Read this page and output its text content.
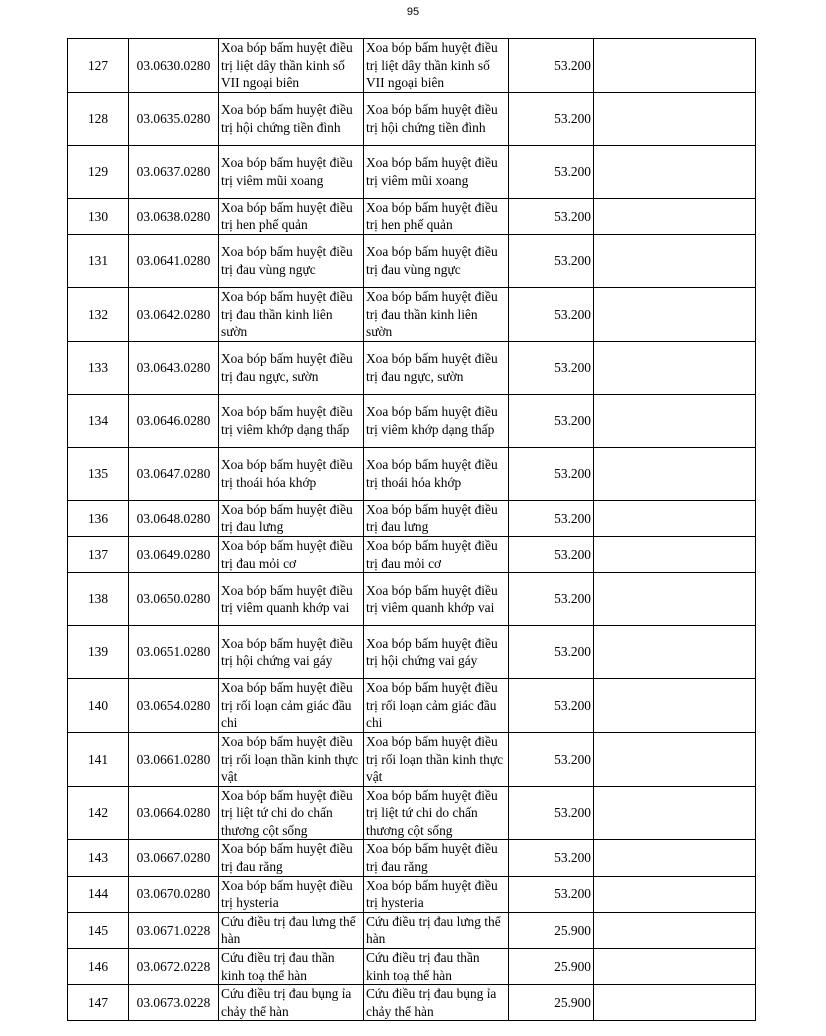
95
127	03.0630.0280	Xoa bóp bấm huyệt điều trị liệt dây thần kinh số VII ngoại biên	Xoa bóp bấm huyệt điều trị liệt dây thần kinh số VII ngoại biên	53.200	
128	03.0635.0280	Xoa bóp bấm huyệt điều trị hội chứng tiền đình	Xoa bóp bấm huyệt điều trị hội chứng tiền đình	53.200	
129	03.0637.0280	Xoa bóp bấm huyệt điều trị viêm mũi xoang	Xoa bóp bấm huyệt điều trị viêm mũi xoang	53.200	
130	03.0638.0280	Xoa bóp bấm huyệt điều trị hen phế quản	Xoa bóp bấm huyệt điều trị hen phế quản	53.200	
131	03.0641.0280	Xoa bóp bấm huyệt điều trị đau vùng ngực	Xoa bóp bấm huyệt điều trị đau vùng ngực	53.200	
132	03.0642.0280	Xoa bóp bấm huyệt điều trị đau thần kinh liên sườn	Xoa bóp bấm huyệt điều trị đau thần kinh liên sườn	53.200	
133	03.0643.0280	Xoa bóp bấm huyệt điều trị đau ngực, sườn	Xoa bóp bấm huyệt điều trị đau ngực, sườn	53.200	
134	03.0646.0280	Xoa bóp bấm huyệt điều trị viêm khớp dạng thấp	Xoa bóp bấm huyệt điều trị viêm khớp dạng thấp	53.200	
135	03.0647.0280	Xoa bóp bấm huyệt điều trị thoái hóa khớp	Xoa bóp bấm huyệt điều trị thoái hóa khớp	53.200	
136	03.0648.0280	Xoa bóp bấm huyệt điều trị đau lưng	Xoa bóp bấm huyệt điều trị đau lưng	53.200	
137	03.0649.0280	Xoa bóp bấm huyệt điều trị đau mỏi cơ	Xoa bóp bấm huyệt điều trị đau mỏi cơ	53.200	
138	03.0650.0280	Xoa bóp bấm huyệt điều trị viêm quanh khớp vai	Xoa bóp bấm huyệt điều trị viêm quanh khớp vai	53.200	
139	03.0651.0280	Xoa bóp bấm huyệt điều trị hội chứng vai gáy	Xoa bóp bấm huyệt điều trị hội chứng vai gáy	53.200	
140	03.0654.0280	Xoa bóp bấm huyệt điều trị rối loạn cảm giác đầu chi	Xoa bóp bấm huyệt điều trị rối loạn cảm giác đầu chi	53.200	
141	03.0661.0280	Xoa bóp bấm huyệt điều trị rối loạn thần kinh thực vật	Xoa bóp bấm huyệt điều trị rối loạn thần kinh thực vật	53.200	
142	03.0664.0280	Xoa bóp bấm huyệt điều trị liệt tứ chi do chấn thương cột sống	Xoa bóp bấm huyệt điều trị liệt tứ chi do chấn thương cột sống	53.200	
143	03.0667.0280	Xoa bóp bấm huyệt điều trị đau răng	Xoa bóp bấm huyệt điều trị đau răng	53.200	
144	03.0670.0280	Xoa bóp bấm huyệt điều trị hysteria	Xoa bóp bấm huyệt điều trị hysteria	53.200	
145	03.0671.0228	Cứu điều trị đau lưng thể hàn	Cứu điều trị đau lưng thể hàn	25.900	
146	03.0672.0228	Cứu điều trị đau thần kinh toạ thể hàn	Cứu điều trị đau thần kinh toạ thể hàn	25.900	
147	03.0673.0228	Cứu điều trị đau bụng ỉa chảy thể hàn	Cứu điều trị đau bụng ỉa chảy thể hàn	25.900	
